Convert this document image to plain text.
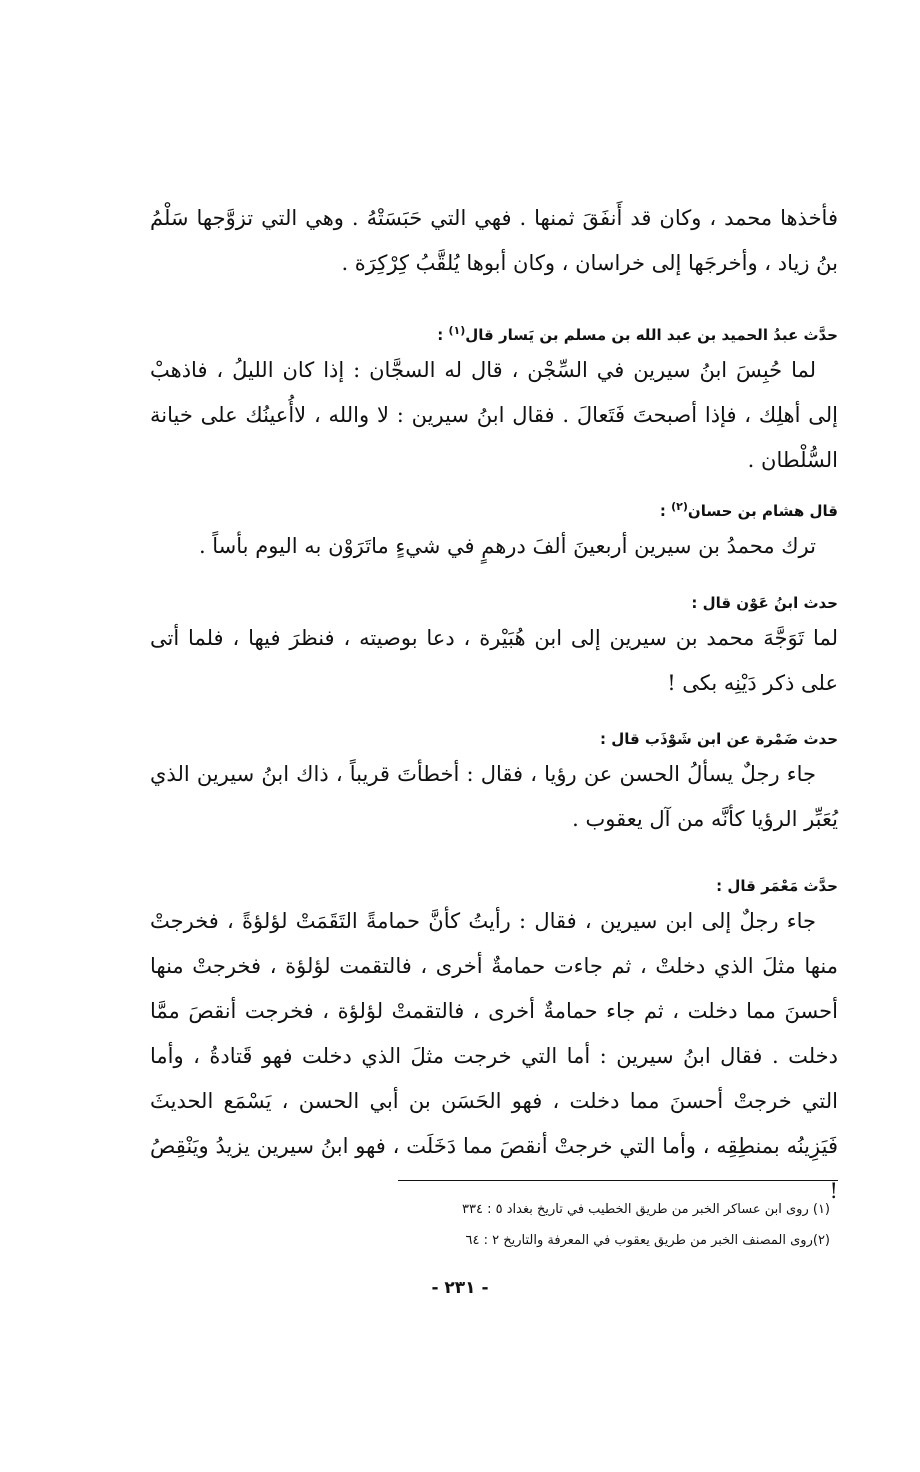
فأخذها محمد ، وكان قد أَنفَقَ ثمنها . فهي التي حَبَسَتْهُ . وهي التي تزوَّجها سَلْمُ بنُ زياد ، وأخرجَها إلى خراسان ، وكان أبوها يُلقَّبُ كِرْكِرَة .

حدَّث عبدُ الحميد بن عبد الله بن مسلم بن يَسار قال$^{(١)}$ :

لما حُبِسَ ابنُ سيرين في السِّجْن ، قال له السجَّان : إذا كان الليلُ ، فاذهبْ إلى أهلِك ، فإذا أصبحتَ فَتَعالَ . فقال ابنُ سيرين : لا والله ، لاأُعينُك على خيانة السُّلْطان .

قال هشام بن حسان$^{(٢)}$ :

ترك محمدُ بن سيرين أربعينَ ألفَ درهمٍ في شيءٍ ماتَرَوْن به اليوم بأساً .

حدث ابنُ عَوْن قال :

لما تَوَجَّهَ محمد بن سيرين إلى ابن هُبَيْرة ، دعا بوصيته ، فنظرَ فيها ، فلما أتى على ذكر دَيْنِه بكى !

حدث ضَمْرة عن ابن شَوْذَب قال :

جاء رجلٌ يسألُ الحسن عن رؤيا ، فقال : أخطأتَ قريباً ، ذاك ابنُ سيرين الذي يُعَبِّر الرؤيا كأنَّه من آل يعقوب .

حدَّث مَعْمَر قال :

جاء رجلٌ إلى ابن سيرين ، فقال : رأيتُ كأنَّ حمامةً التَقَمَتْ لؤلؤةً ، فخرجتْ منها مثلَ الذي دخلتْ ، ثم جاءت حمامةٌ أخرى ، فالتقمت لؤلؤة ، فخرجتْ منها أحسنَ مما دخلت ، ثم جاء حمامةٌ أخرى ، فالتقمتْ لؤلؤة ، فخرجت أنقصَ ممَّا دخلت . فقال ابنُ سيرين : أما التي خرجت مثلَ الذي دخلت فهو قَتادةُ ، وأما التي خرجتْ أحسنَ مما دخلت ، فهو الحَسَن بن أبي الحسن ، يَسْمَع الحديثَ فَيَزِينُه بمنطِقِه ، وأما التي خرجتْ أنقصَ مما دَخَلَت ، فهو ابنُ سيرين يزيدُ ويَنْقِصُ !

(١) روى ابن عساكر الخبر من طريق الخطيب في تاريخ بغداد ٥ : ٣٣٤

(٢)روى المصنف الخبر من طريق يعقوب في المعرفة والتاريخ ٢ : ٦٤

- ٢٣١ -
